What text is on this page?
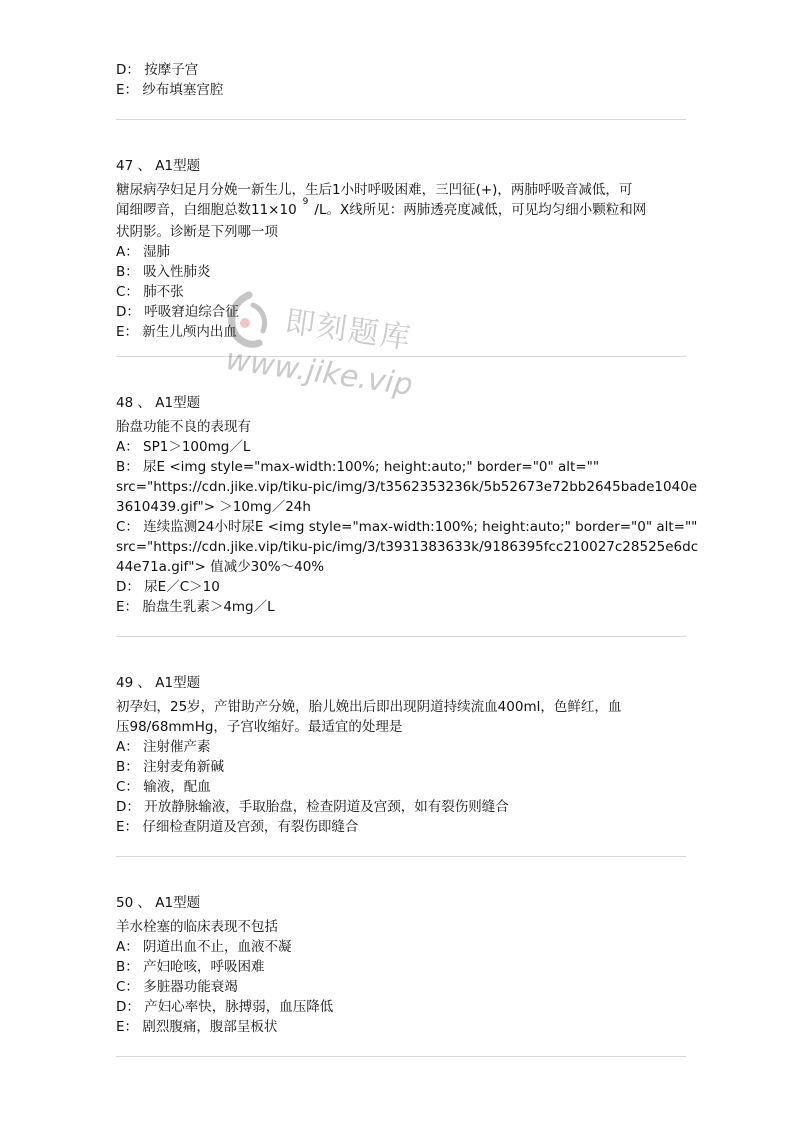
D： 按摩子宫
E： 纱布填塞宫腔
47 、 A1型题
糖尿病孕妇足月分娩一新生儿，生后1小时呼吸困难，三凹征(+)，两肺呼吸音减低，可
闻细啰音，白细胞总数11×10 $^9$ /L。X线所见：两肺透亮度减低，可见均匀细小颗粒和网
状阴影。诊断是下列哪一项
A： 湿肺
B： 吸入性肺炎
C： 肺不张
D： 呼吸窘迫综合征
E： 新生儿颅内出血
48 、 A1型题
胎盘功能不良的表现有
A： SP1＞100mg／L
B： 尿E <img style="max-width:100%; height:auto;" border="0" alt=""
src="https://cdn.jike.vip/tiku-pic/img/3/t3562353236k/5b52673e72bb2645bade1040e
3610439.gif"> ＞10mg／24h
C： 连续监测24小时尿E <img style="max-width:100%; height:auto;" border="0" alt=""
src="https://cdn.jike.vip/tiku-pic/img/3/t3931383633k/9186395fcc210027c28525e6dc
44e71a.gif"> 值减少30%～40%
D： 尿E／C＞10
E： 胎盘生乳素＞4mg／L
49 、 A1型题
初孕妇，25岁，产钳助产分娩，胎儿娩出后即出现阴道持续流血400ml，色鲜红，血
压98/68mmHg，子宫收缩好。最适宜的处理是
A： 注射催产素
B： 注射麦角新碱
C： 输液，配血
D： 开放静脉输液，手取胎盘，检查阴道及宫颈，如有裂伤则缝合
E： 仔细检查阴道及宫颈，有裂伤即缝合
50 、 A1型题
羊水栓塞的临床表现不包括
A： 阴道出血不止，血液不凝
B： 产妇呛咳，呼吸困难
C： 多脏器功能衰竭
D： 产妇心率快，脉搏弱，血压降低
E： 剧烈腹痛，腹部呈板状
即刻题库
www.jike.vip
